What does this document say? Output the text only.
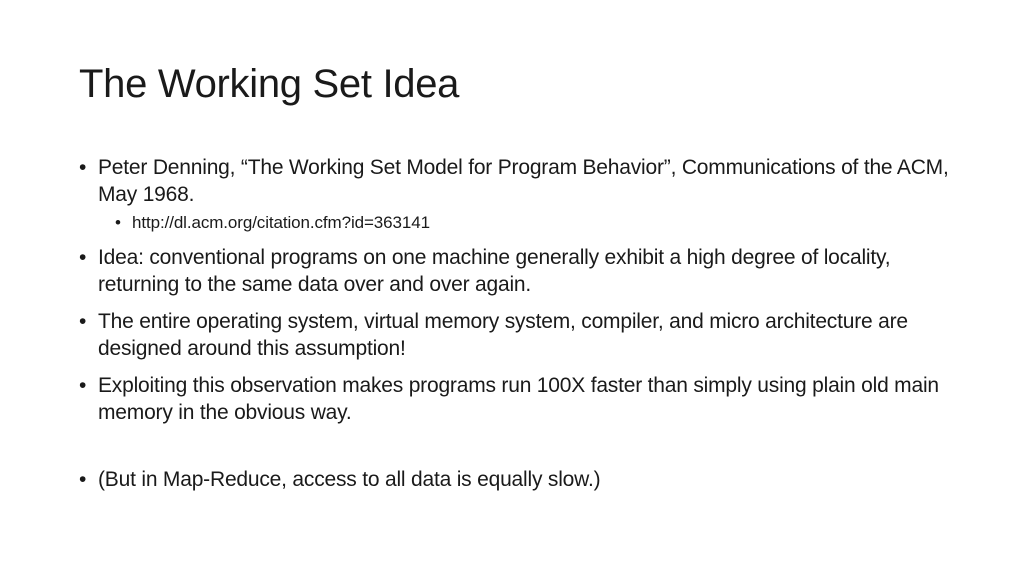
The Working Set Idea
• Peter Denning, “The Working Set Model for Program Behavior”, Communications of the ACM, May 1968.
• http://dl.acm.org/citation.cfm?id=363141
• Idea: conventional programs on one machine generally exhibit a high degree of locality, returning to the same data over and over again.
• The entire operating system, virtual memory system, compiler, and micro architecture are designed around this assumption!
• Exploiting this observation makes programs run 100X faster than simply using plain old main memory in the obvious way.
• (But in Map-Reduce, access to all data is equally slow.)
